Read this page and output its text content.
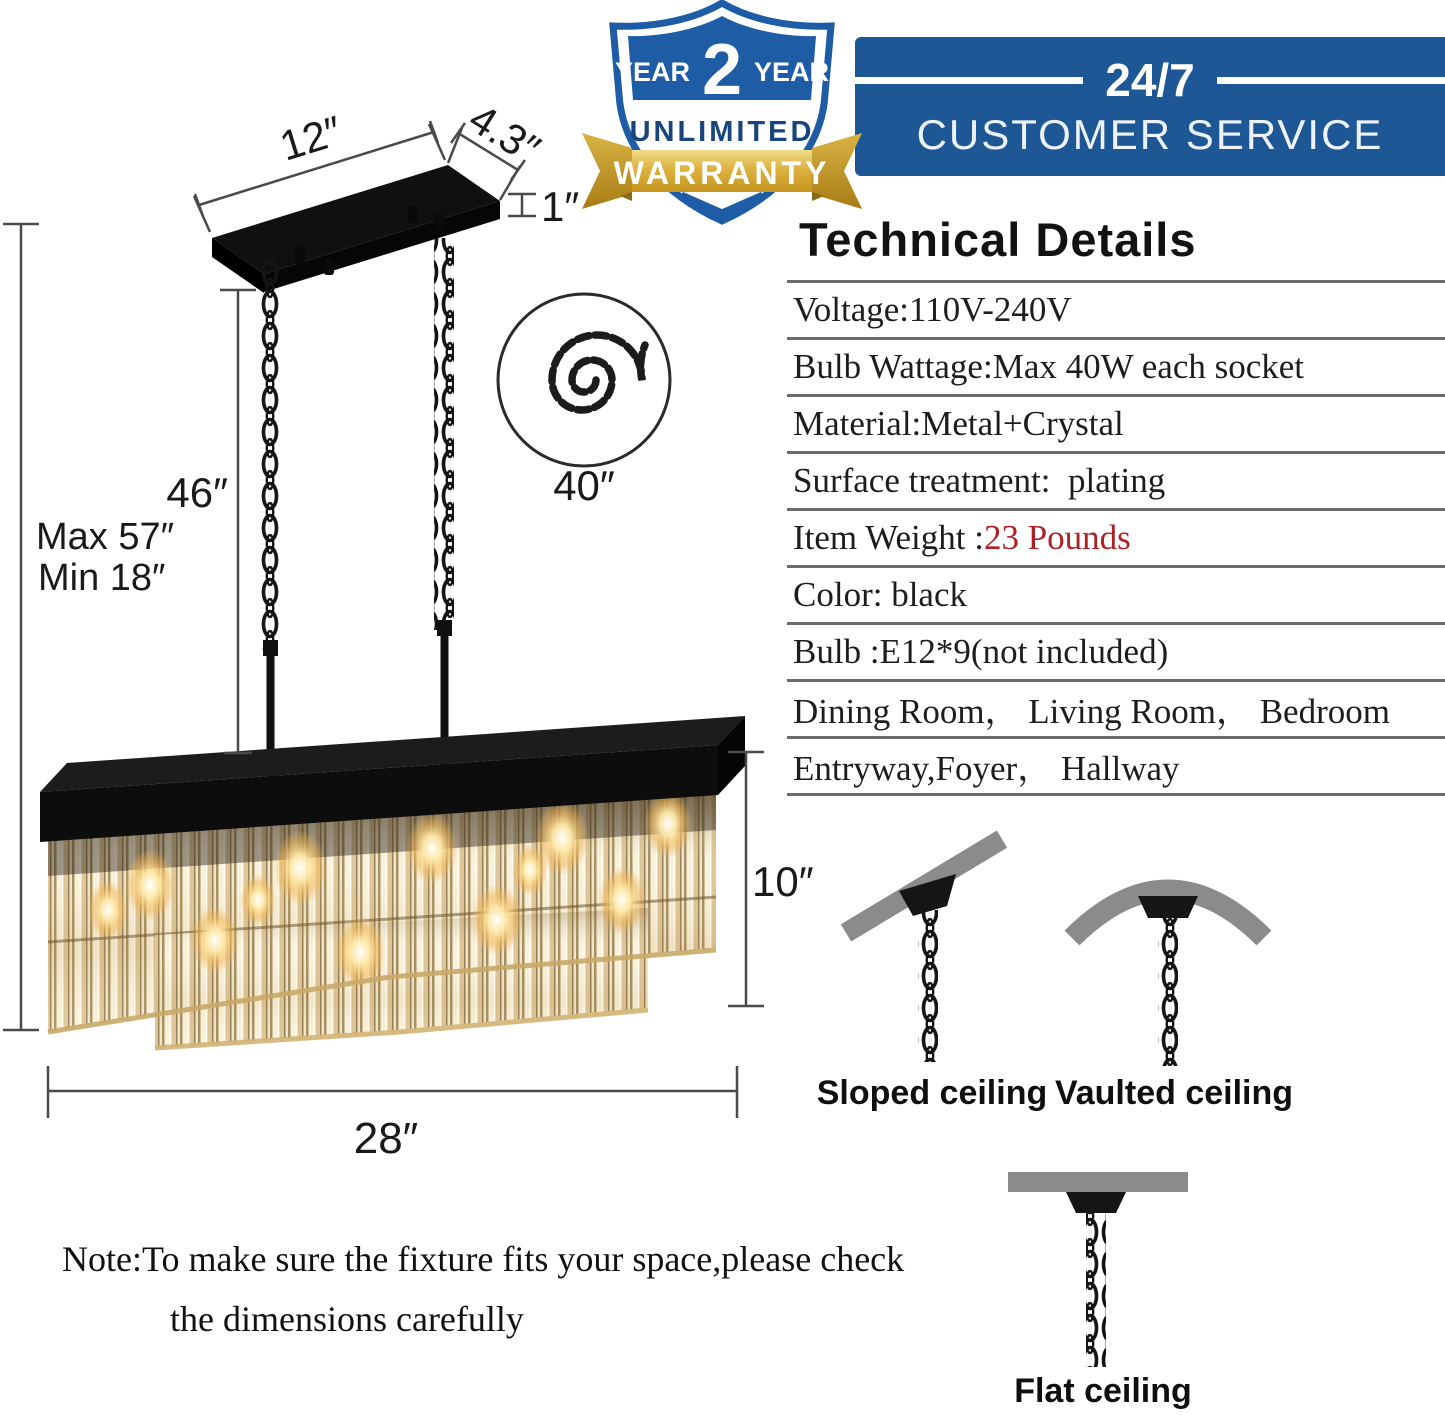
12″	4.3″
1″
Max 57″
Min 18″
46″	40″
10″
28″
Sloped ceiling Vaulted ceiling
Flat ceiling
24/7
CUSTOMER SERVICE
YEAR 2 YEAR
UNLIMITED
WARRANTY
Technical Details
Voltage:110V-240V
Bulb Wattage:Max 40W each socket
Material:Metal+Crystal
Surface treatment:  plating
Item Weight : 23 Pounds
Color: black
Bulb :E12*9(not included)
Dining Room， Living Room， Bedroom
Entryway,Foyer， Hallway
Note:To make sure the fixture fits your space,please check
the dimensions carefully
